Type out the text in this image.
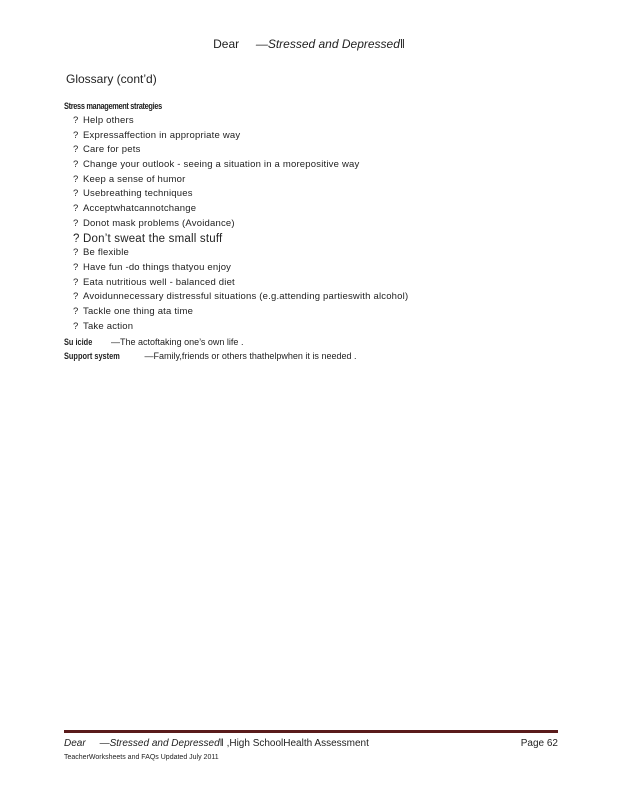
Dear —Stressed and Depressed‖
Glossary (cont’d)
Stress management strategies
? Help others
? Expressaffection in appropriate way
? Care for pets
? Change your outlook - seeing a situation in a morepositive way
? Keep a sense of humor
? Usebreathing techniques
? Acceptwhatcannotchange
? Donot mask problems (Avoidance)
? Don’t sweat the small stuff
? Be flexible
? Have fun -do things thatyou enjoy
? Eata nutritious well - balanced diet
? Avoidunnecessary distressful situations (e.g.attending partieswith alcohol)
? Tackle one thing ata time
? Take action
Su icide —The actoftaking one’s own life .
Support system	—Family,friends or others thathelpwhen it is needed .
Dear —Stressed and Depressed‖ ,High SchoolHealth Assessment	Page 62
TeacherWorksheets and FAQs Updated July 2011
